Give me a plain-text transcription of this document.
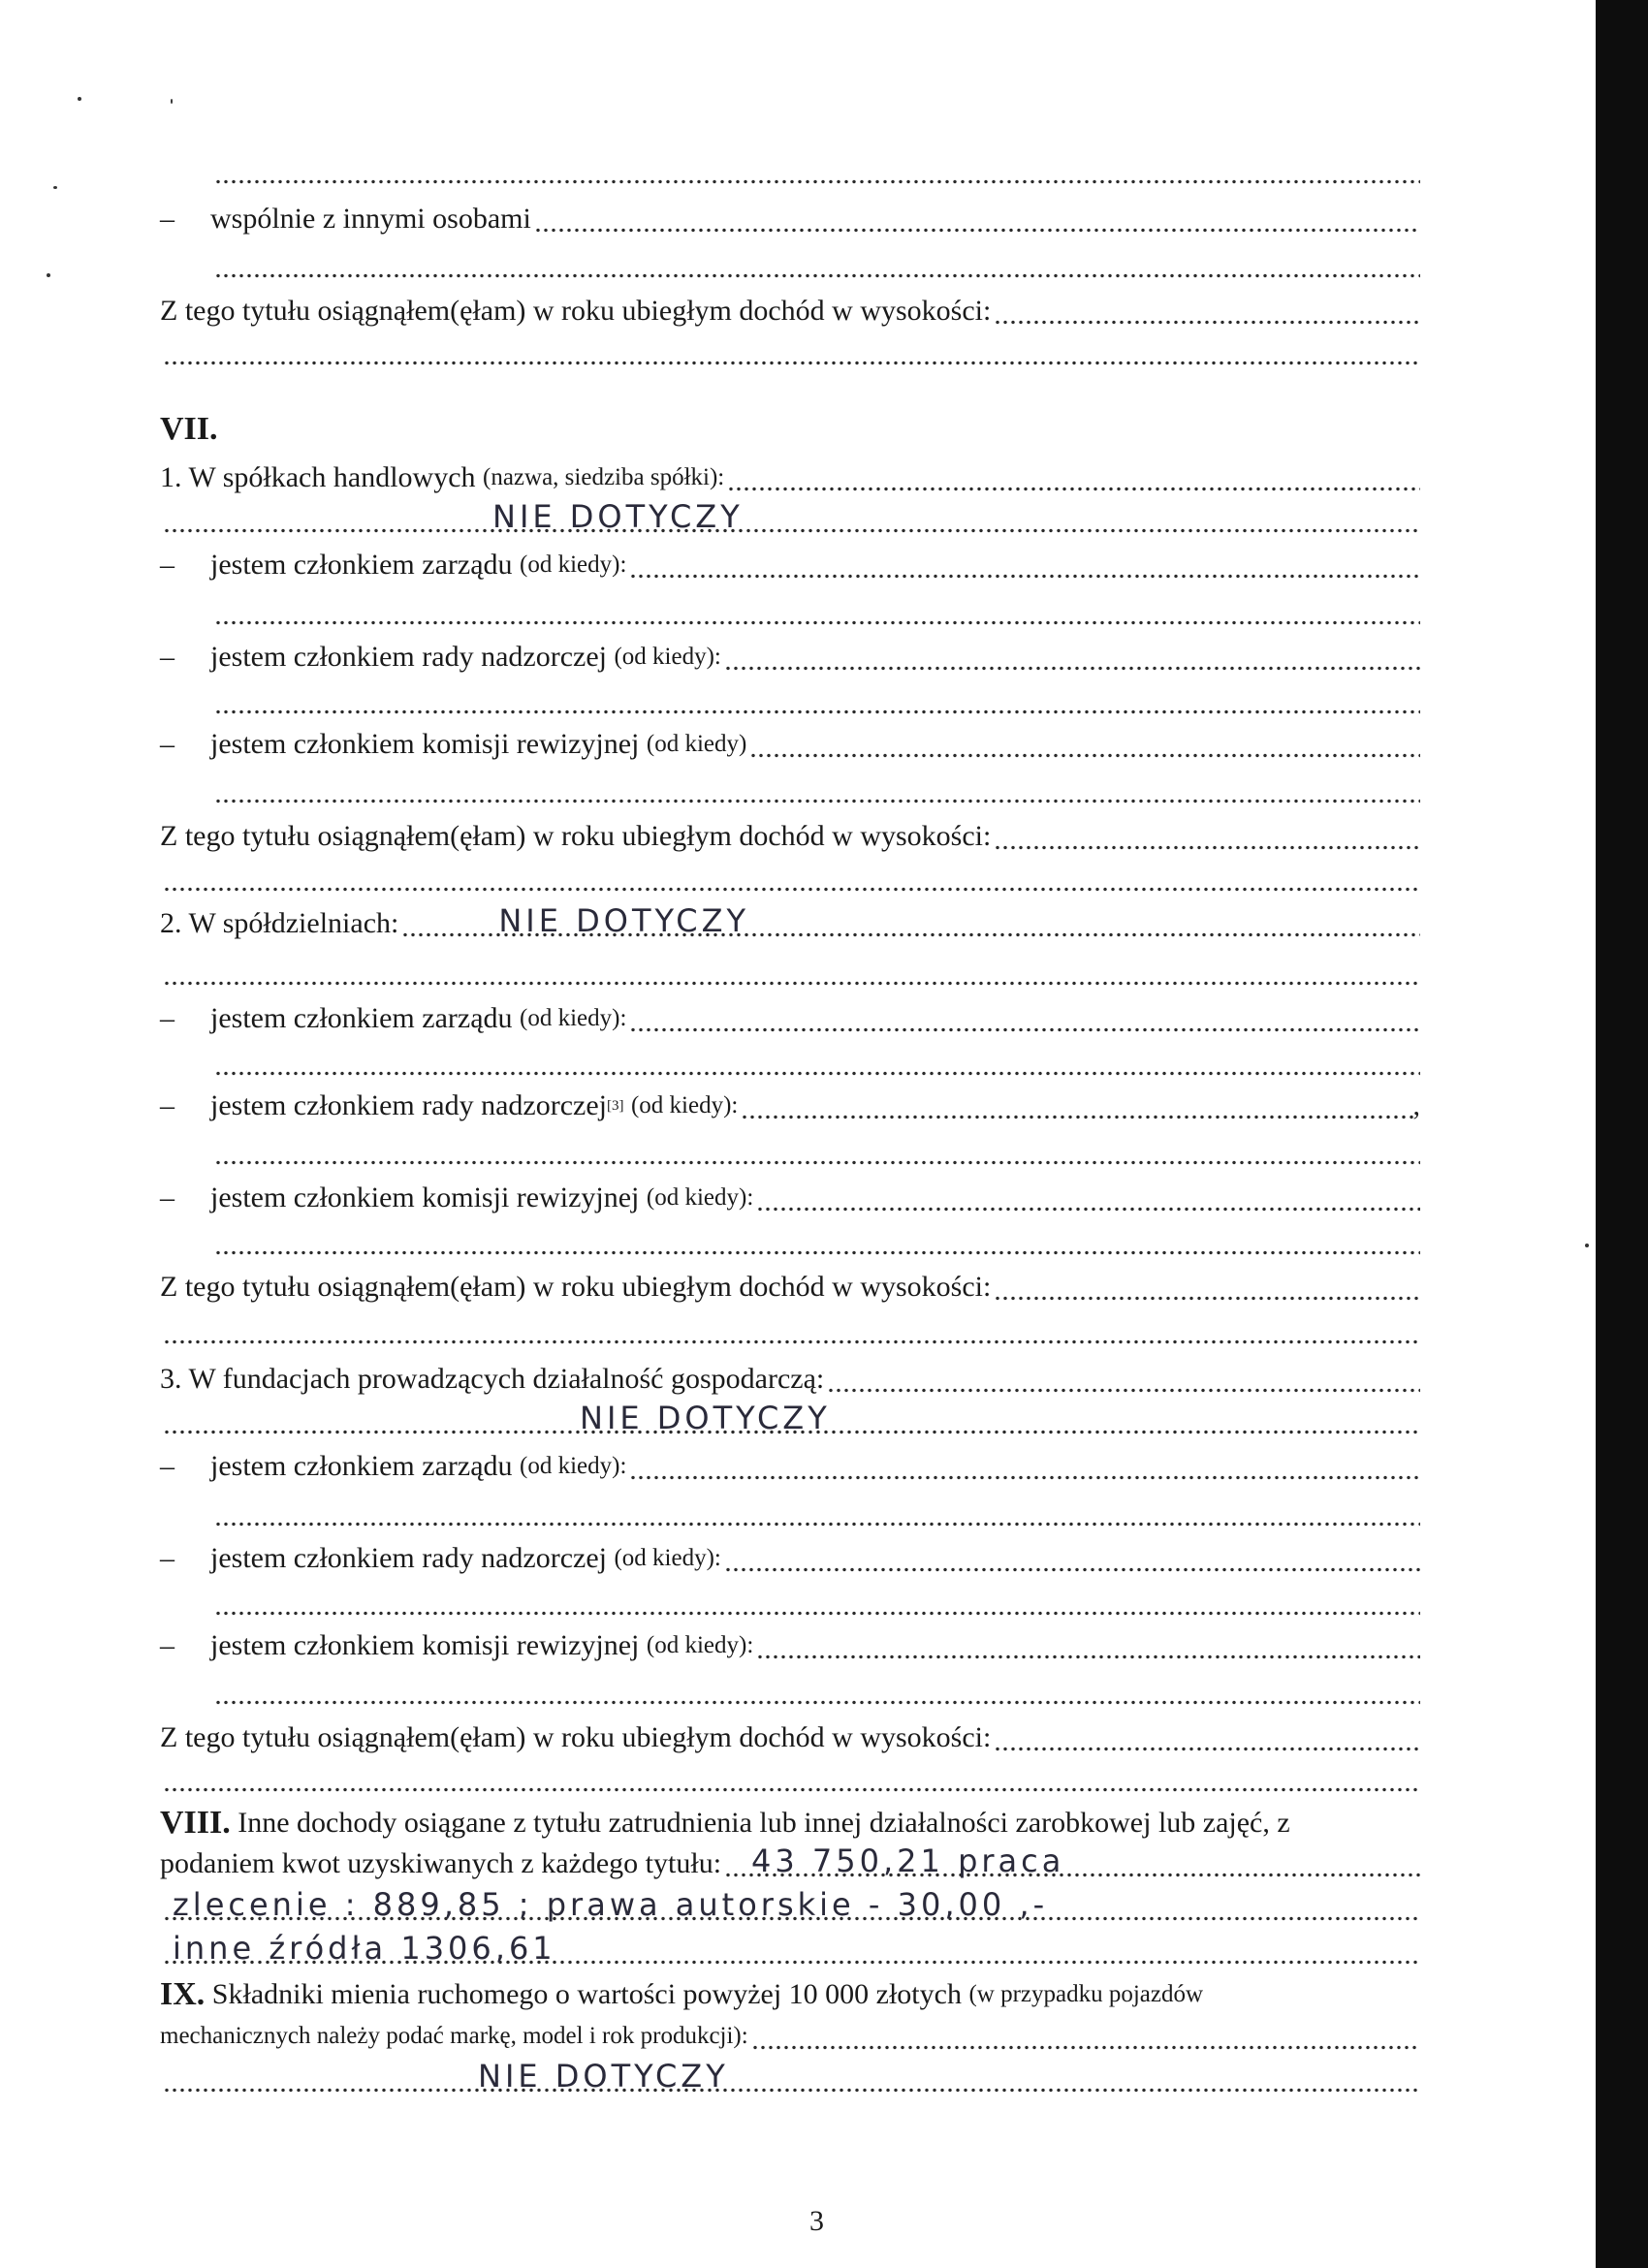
–	wspólnie z innymi osobami
Z tego tytułu osiągnąłem(ęłam) w roku ubiegłym dochód w wysokości:
VII.
1. W spółkach handlowych
(nazwa, siedziba spółki):
NIE DOTYCZY
–	jestem członkiem zarządu
(od kiedy):
–	jestem członkiem rady nadzorczej
(od kiedy):
–	jestem członkiem komisji rewizyjnej
(od kiedy)
Z tego tytułu osiągnąłem(ęłam) w roku ubiegłym dochód w wysokości:
2. W spółdzielniach:	NIE DOTYCZY
–	jestem członkiem zarządu
(od kiedy):
–	jestem członkiem rady nadzorczej [3]
(od kiedy):	,
–	jestem członkiem komisji rewizyjnej
(od kiedy):
Z tego tytułu osiągnąłem(ęłam) w roku ubiegłym dochód w wysokości:
3. W fundacjach prowadzących działalność gospodarczą:
NIE DOTYCZY
–	jestem członkiem zarządu
(od kiedy):
–	jestem członkiem rady nadzorczej
(od kiedy):
–	jestem członkiem komisji rewizyjnej
(od kiedy):
Z tego tytułu osiągnąłem(ęłam) w roku ubiegłym dochód w wysokości:
VIII.
Inne dochody osiągane z tytułu zatrudnienia lub innej działalności zarobkowej lub zajęć, z
podaniem kwot uzyskiwanych z każdego tytułu: 43 750,21 praca
zlecenie : 889,85 ; prawa autorskie - 30,00 ,-
inne źródła 1306,61
IX.
Składniki mienia ruchomego o wartości powyżej 10 000 złotych
(w przypadku pojazdów
mechanicznych należy podać markę, model i rok produkcji):
NIE DOTYCZY
3
